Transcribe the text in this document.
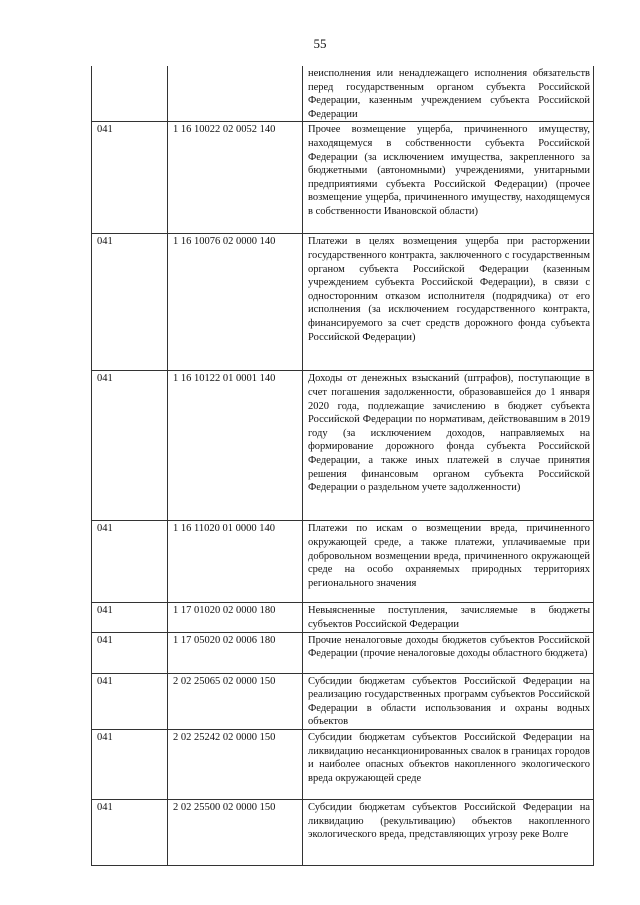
55
		неисполнения или ненадлежащего исполнения обязательств перед государственным органом субъекта Российской Федерации, казенным учреждением субъекта Российской Федерации
041	1 16 10022 02 0052 140	Прочее возмещение ущерба, причиненного имуществу, находящемуся в собственности субъекта Российской Федерации (за исключением имущества, закрепленного за бюджетными (автономными) учреждениями, унитарными предприятиями субъекта Российской Федерации) (прочее возмещение ущерба, причиненного имуществу, находящемуся в собственности Ивановской области)
041	1 16 10076 02 0000 140	Платежи в целях возмещения ущерба при расторжении государственного контракта, заключенного с государственным органом субъекта Российской Федерации (казенным учреждением субъекта Российской Федерации), в связи с односторонним отказом исполнителя (подрядчика) от его исполнения (за исключением государственного контракта, финансируемого за счет средств дорожного фонда субъекта Российской Федерации)
041	1 16 10122 01 0001 140	Доходы от денежных взысканий (штрафов), поступающие в счет погашения задолженности, образовавшейся до 1 января 2020 года, подлежащие зачислению в бюджет субъекта Российской Федерации по нормативам, действовавшим в 2019 году (за исключением доходов, направляемых на формирование дорожного фонда субъекта Российской Федерации, а также иных платежей в случае принятия решения финансовым органом субъекта Российской Федерации о раздельном учете задолженности)
041	1 16 11020 01 0000 140	Платежи по искам о возмещении вреда, причиненного окружающей среде, а также платежи, уплачиваемые при добровольном возмещении вреда, причиненного окружающей среде на особо охраняемых природных территориях регионального значения
041	1 17 01020 02 0000 180	Невыясненные поступления, зачисляемые в бюджеты субъектов Российской Федерации
041	1 17 05020 02 0006 180	Прочие неналоговые доходы бюджетов субъектов Российской Федерации (прочие неналоговые доходы областного бюджета)
041	2 02 25065 02 0000 150	Субсидии бюджетам субъектов Российской Федерации на реализацию государственных программ субъектов Российской Федерации в области использования и охраны водных объектов
041	2 02 25242 02 0000 150	Субсидии бюджетам субъектов Российской Федерации на ликвидацию несанкционированных свалок в границах городов и наиболее опасных объектов накопленного экологического вреда окружающей среде
041	2 02 25500 02 0000 150	Субсидии бюджетам субъектов Российской Федерации на ликвидацию (рекультивацию) объектов накопленного экологического вреда, представляющих угрозу реке Волге
